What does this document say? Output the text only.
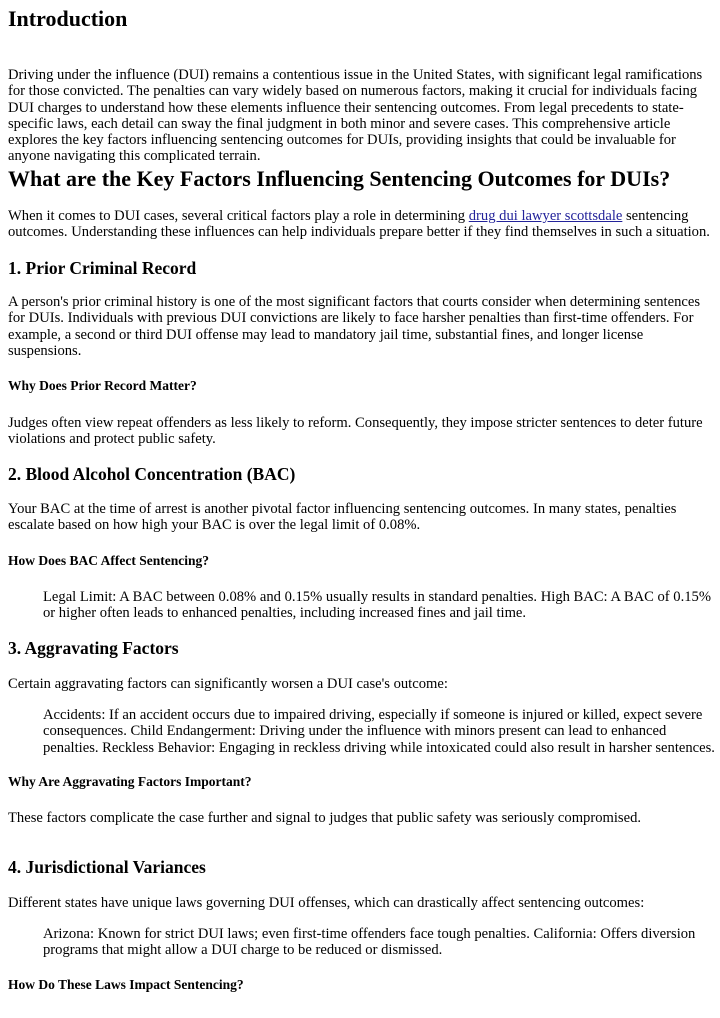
Introduction

Driving under the influence (DUI) remains a contentious issue in the United States, with significant legal ramifications for those convicted. The penalties can vary widely based on numerous factors, making it crucial for individuals facing DUI charges to understand how these elements influence their sentencing outcomes. From legal precedents to state-specific laws, each detail can sway the final judgment in both minor and severe cases. This comprehensive article explores the key factors influencing sentencing outcomes for DUIs, providing insights that could be invaluable for anyone navigating this complicated terrain.

What are the Key Factors Influencing Sentencing Outcomes for DUIs?

When it comes to DUI cases, several critical factors play a role in determining drug dui lawyer scottsdale sentencing outcomes. Understanding these influences can help individuals prepare better if they find themselves in such a situation.

1. Prior Criminal Record

A person's prior criminal history is one of the most significant factors that courts consider when determining sentences for DUIs. Individuals with previous DUI convictions are likely to face harsher penalties than first-time offenders. For example, a second or third DUI offense may lead to mandatory jail time, substantial fines, and longer license suspensions.

Why Does Prior Record Matter?

Judges often view repeat offenders as less likely to reform. Consequently, they impose stricter sentences to deter future violations and protect public safety.

2. Blood Alcohol Concentration (BAC)

Your BAC at the time of arrest is another pivotal factor influencing sentencing outcomes. In many states, penalties escalate based on how high your BAC is over the legal limit of 0.08%.

How Does BAC Affect Sentencing?

Legal Limit: A BAC between 0.08% and 0.15% usually results in standard penalties. High BAC: A BAC of 0.15% or higher often leads to enhanced penalties, including increased fines and jail time.

3. Aggravating Factors

Certain aggravating factors can significantly worsen a DUI case's outcome:

Accidents: If an accident occurs due to impaired driving, especially if someone is injured or killed, expect severe consequences. Child Endangerment: Driving under the influence with minors present can lead to enhanced penalties. Reckless Behavior: Engaging in reckless driving while intoxicated could also result in harsher sentences.

Why Are Aggravating Factors Important?

These factors complicate the case further and signal to judges that public safety was seriously compromised.

4. Jurisdictional Variances

Different states have unique laws governing DUI offenses, which can drastically affect sentencing outcomes:

Arizona: Known for strict DUI laws; even first-time offenders face tough penalties. California: Offers diversion programs that might allow a DUI charge to be reduced or dismissed.

How Do These Laws Impact Sentencing?
